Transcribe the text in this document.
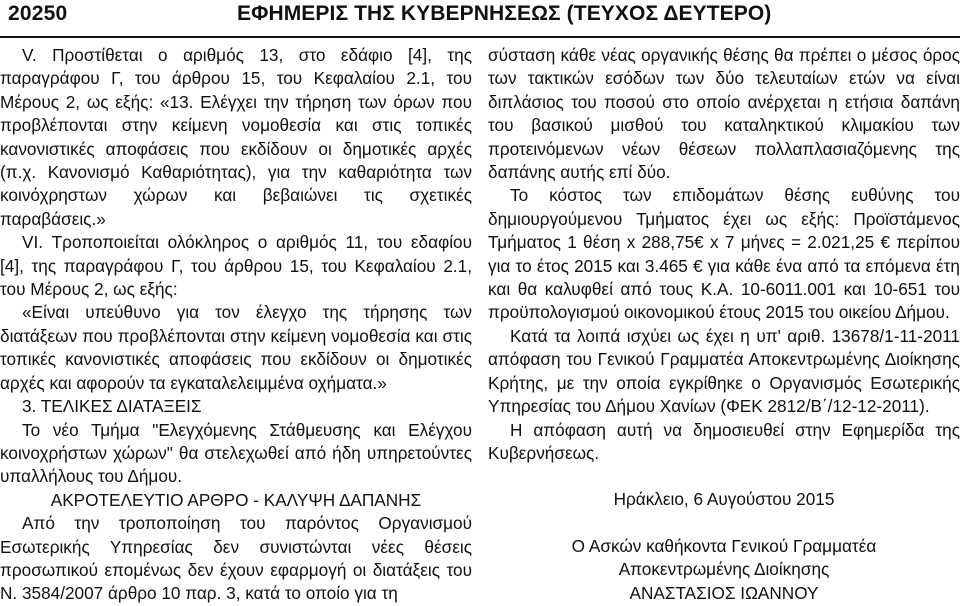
20250	ΕΦΗΜΕΡΙΣ ΤΗΣ ΚΥΒΕΡΝΗΣΕΩΣ (ΤΕΥΧΟΣ ΔΕΥΤΕΡΟ)

V. Προστίθεται ο αριθμός 13, στο εδάφιο [4], της παραγράφου Γ, του άρθρου 15, του Κεφαλαίου 2.1, του Μέρους 2, ως εξής: «13. Ελέγχει την τήρηση των όρων που προβλέπονται στην κείμενη νομοθεσία και στις τοπικές κανονιστικές αποφάσεις που εκδίδουν οι δημοτικές αρχές (π.χ. Κανονισμό Καθαριότητας), για την καθαριότητα των κοινόχρηστων χώρων και βεβαιώνει τις σχετικές παραβάσεις.»

VI. Τροποποιείται ολόκληρος ο αριθμός 11, του εδαφίου [4], της παραγράφου Γ, του άρθρου 15, του Κεφαλαίου 2.1, του Μέρους 2, ως εξής:

«Είναι υπεύθυνο για τον έλεγχο της τήρησης των διατάξεων που προβλέπονται στην κείμενη νομοθεσία και στις τοπικές κανονιστικές αποφάσεις που εκδίδουν οι δημοτικές αρχές και αφορούν τα εγκαταλελειμμένα οχήματα.»

3. ΤΕΛΙΚΕΣ ΔΙΑΤΑΞΕΙΣ

Το νέο Τμήμα "Ελεγχόμενης Στάθμευσης και Ελέγχου κοινοχρήστων χώρων" θα στελεχωθεί από ήδη υπηρετούντες υπαλλήλους του Δήμου.

ΑΚΡΟΤΕΛΕΥΤΙΟ ΑΡΘΡΟ - ΚΑΛΥΨΗ ΔΑΠΑΝΗΣ

Από την τροποποίηση του παρόντος Οργανισμού Εσωτερικής Υπηρεσίας δεν συνιστώνται νέες θέσεις προσωπικού επομένως δεν έχουν εφαρμογή οι διατάξεις του Ν. 3584/2007 άρθρο 10 παρ. 3, κατά το οποίο για τη

σύσταση κάθε νέας οργανικής θέσης θα πρέπει ο μέσος όρος των τακτικών εσόδων των δύο τελευταίων ετών να είναι διπλάσιος του ποσού στο οποίο ανέρχεται η ετήσια δαπάνη του βασικού μισθού του καταληκτικού κλιμακίου των προτεινόμενων νέων θέσεων πολλαπλασιαζόμενης της δαπάνης αυτής επί δύο.

Το κόστος των επιδομάτων θέσης ευθύνης του δημιουργούμενου Τμήματος έχει ως εξής: Προϊστάμενος Τμήματος 1 θέση x 288,75€ x 7 μήνες = 2.021,25 € περίπου για το έτος 2015 και 3.465 € για κάθε ένα από τα επόμενα έτη και θα καλυφθεί από τους Κ.Α. 10-6011.001 και 10-651 του προϋπολογισμού οικονομικού έτους 2015 του οικείου Δήμου.

Κατά τα λοιπά ισχύει ως έχει η υπ' αριθ. 13678/1-11-2011 απόφαση του Γενικού Γραμματέα Αποκεντρωμένης Διοίκησης Κρήτης, με την οποία εγκρίθηκε ο Οργανισμός Εσωτερικής Υπηρεσίας του Δήμου Χανίων (ΦΕΚ 2812/Β΄/12-12-2011).

Η απόφαση αυτή να δημοσιευθεί στην Εφημερίδα της Κυβερνήσεως.

Ηράκλειο, 6 Αυγούστου 2015

Ο Ασκών καθήκοντα Γενικού Γραμματέα

Αποκεντρωμένης Διοίκησης

ΑΝΑΣΤΑΣΙΟΣ ΙΩΑΝΝΟΥ
